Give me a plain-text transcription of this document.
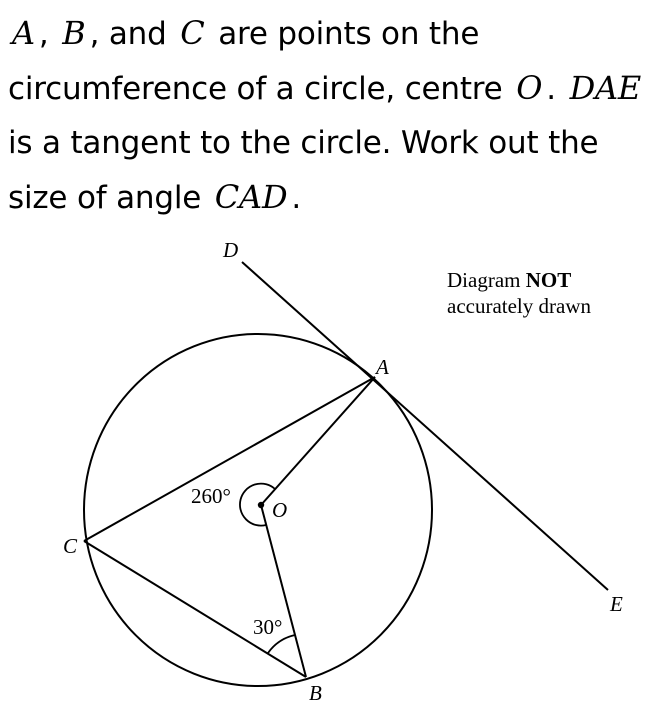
A , B , and C are points on the circumference of a circle, centre O . DAE is a tangent to the circle. Work out the size of angle CAD .
D
A
O
C
B
E
260°
30°
Diagram NOT
accurately drawn
